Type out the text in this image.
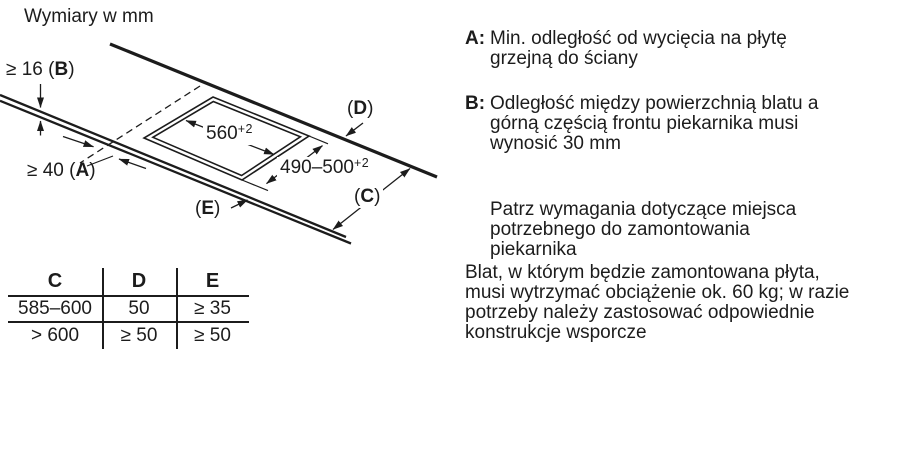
Wymiary w mm
≥ 16 (B)
≥ 40 (A)
$560^{+2}$
$490-500^{+2}$
(D)
(C)
(E)
C	D	E
585–600	50	≥ 35
> 600	≥ 50	≥ 50
A: Min. odległość od wycięcia na płytę
grzejną do ściany
B: Odległość między powierzchnią blatu a
górną częścią frontu piekarnika musi
wynosić 30 mm
Patrz wymagania dotyczące miejsca
potrzebnego do zamontowania
piekarnika
Blat, w którym będzie zamontowana płyta,
musi wytrzymać obciążenie ok. 60 kg; w razie
potrzeby należy zastosować odpowiednie
konstrukcje wsporcze
